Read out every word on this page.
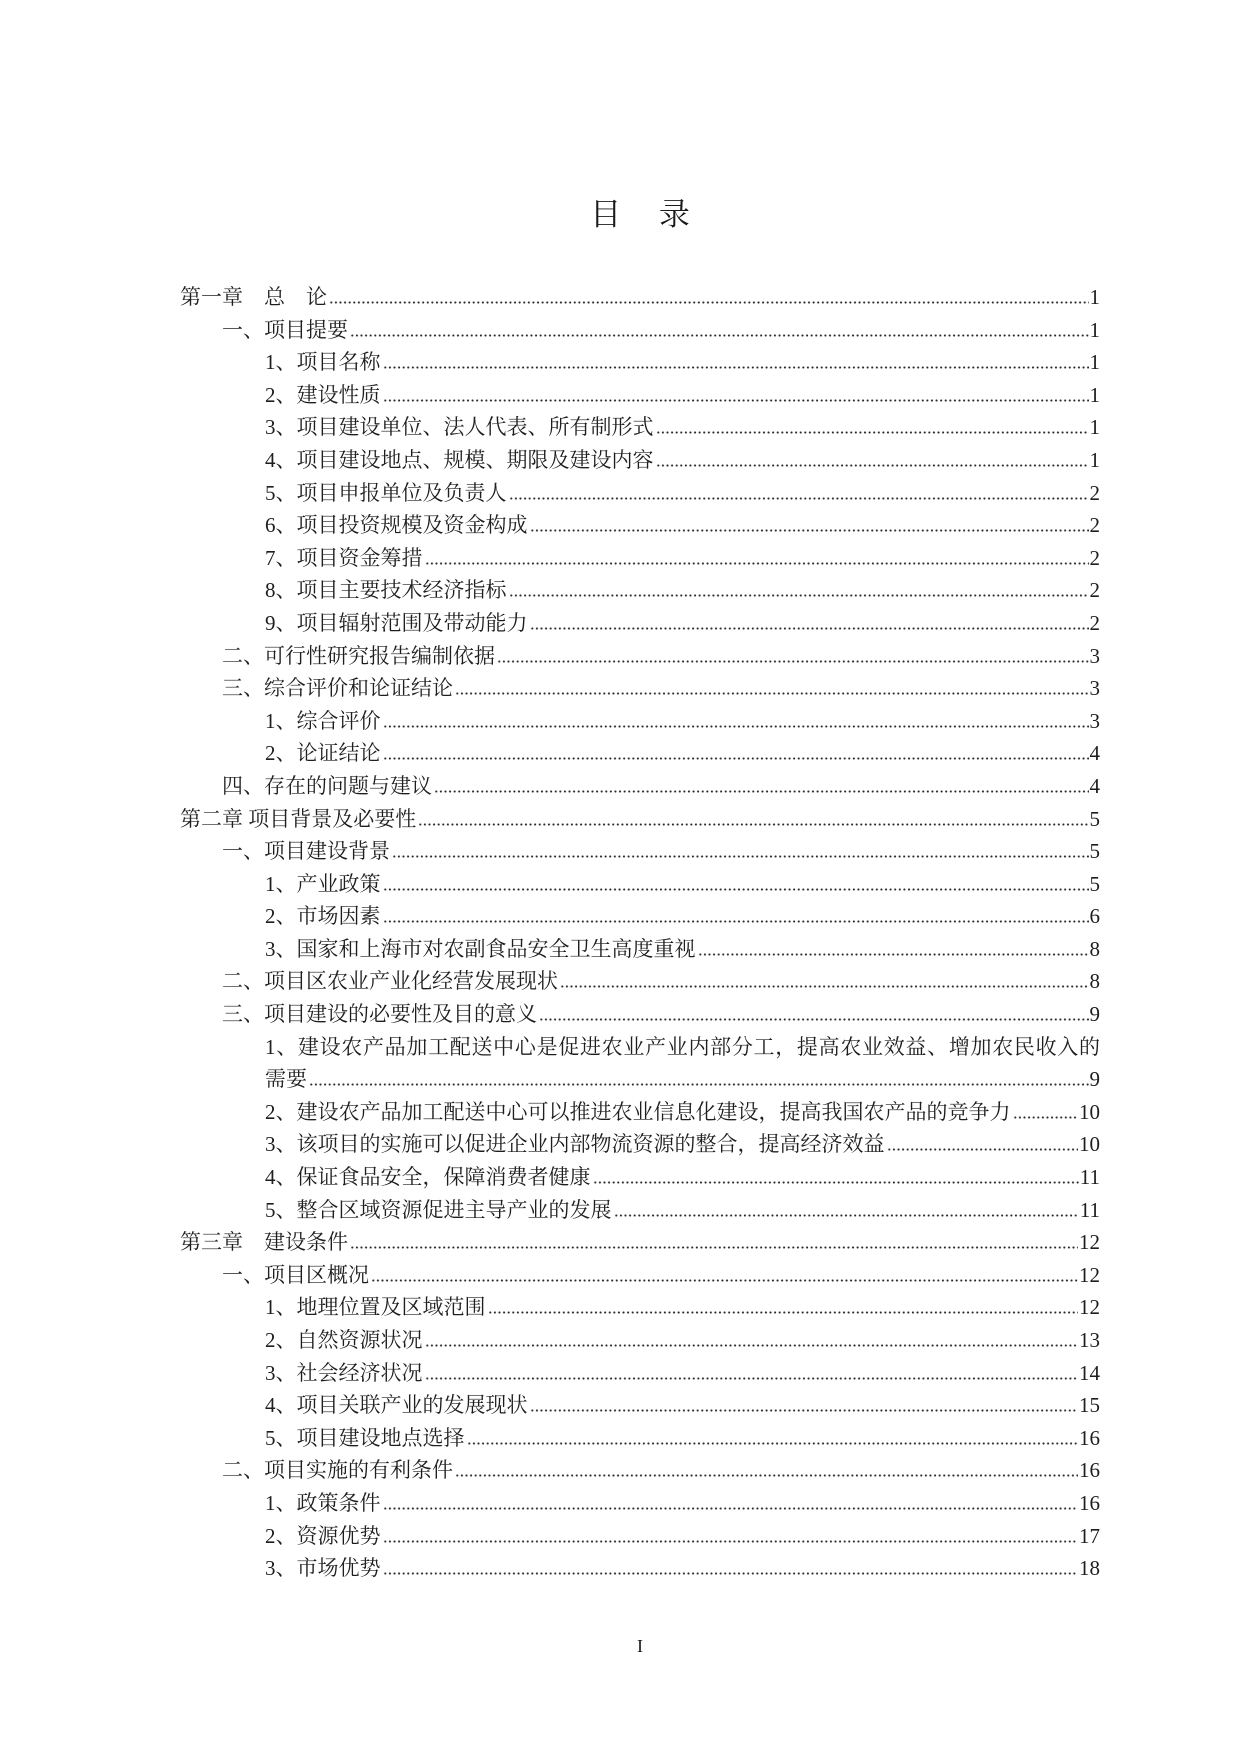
目 录
第一章　总　论	1
一、项目提要	1
1、项目名称	1
2、建设性质	1
3、项目建设单位、法人代表、所有制形式	1
4、项目建设地点、规模、期限及建设内容	1
5、项目申报单位及负责人	2
6、项目投资规模及资金构成	2
7、项目资金筹措	2
8、项目主要技术经济指标	2
9、项目辐射范围及带动能力	2
二、可行性研究报告编制依据	3
三、综合评价和论证结论	3
1、综合评价	3
2、论证结论	4
四、存在的问题与建议	4
第二章 项目背景及必要性	5
一、项目建设背景	5
1、产业政策	5
2、市场因素	6
3、国家和上海市对农副食品安全卫生高度重视	8
二、项目区农业产业化经营发展现状	8
三、项目建设的必要性及目的意义	9
1、建设农产品加工配送中心是促进农业产业内部分工，提高农业效益、增加农民收入的
需要	9
2、建设农产品加工配送中心可以推进农业信息化建设，提高我国农产品的竞争力	10
3、该项目的实施可以促进企业内部物流资源的整合，提高经济效益	10
4、保证食品安全，保障消费者健康	11
5、整合区域资源促进主导产业的发展	11
第三章　建设条件	12
一、项目区概况	12
1、地理位置及区域范围	12
2、自然资源状况	13
3、社会经济状况	14
4、项目关联产业的发展现状	15
5、项目建设地点选择	16
二、项目实施的有利条件	16
1、政策条件	16
2、资源优势	17
3、市场优势	18
I
